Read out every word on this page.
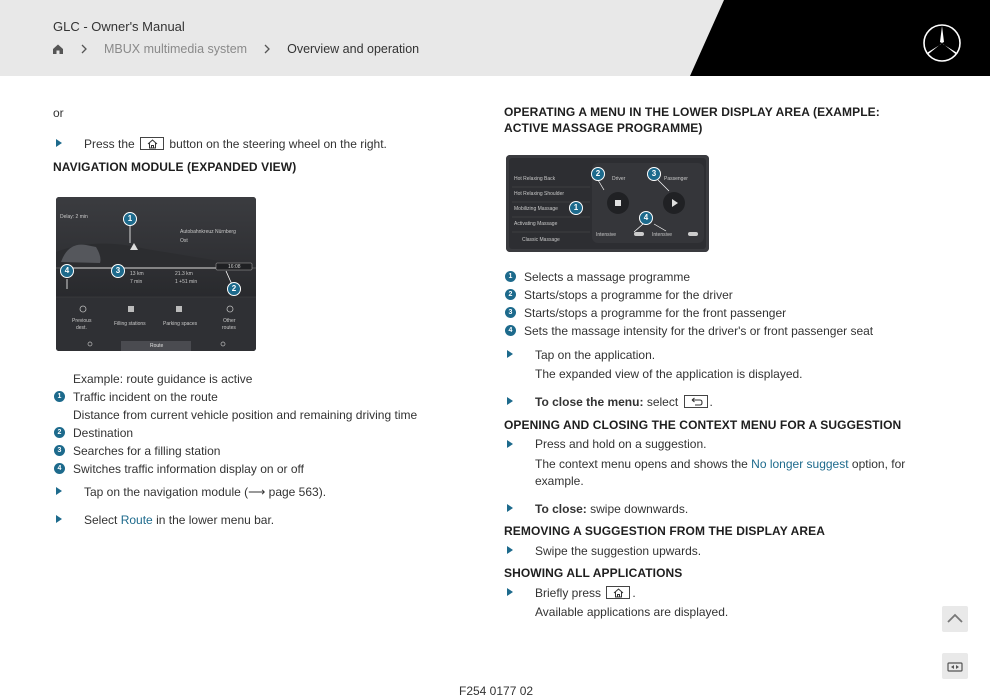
GLC - Owner's Manual
MBUX multimedia system	Overview and operation
or
Press the	button on the steering wheel on the right.
NAVIGATION MODULE (EXPANDED VIEW)
Delay: 2 min
Autobahnkreuz Nürnberg
Ost
13 km
7 min
21.3 km
1 +51 min
16:08
Previous
dest.
Filling stations	Parking spaces	Other
routes
Route
1
2
3
4
Example: route guidance is active
1 Traffic incident on the route
Distance from current vehicle position and remaining driving time
2 Destination
3 Searches for a filling station
4 Switches traffic information display on or off
Tap on the navigation module (⟶ page 563).
Select Route in the lower menu bar.
OPERATING A MENU IN THE LOWER DISPLAY AREA (EXAMPLE: ACTIVE MASSAGE PROGRAMME)
Hot Relaxing Back
Hot Relaxing Shoulder
Mobilizing Massage
Activating Massage
Classic Massage
Driver	Passenger
Intensive	Intensive
2	3
1
4
1 Selects a massage programme
2 Starts/stops a programme for the driver
3 Starts/stops a programme for the front passenger
4 Sets the massage intensity for the driver's or front passenger seat
Tap on the application.
The expanded view of the application is displayed.
To close the menu: select	.
OPENING AND CLOSING THE CONTEXT MENU FOR A SUGGESTION
Press and hold on a suggestion.
The context menu opens and shows the No longer suggest option, for example.
To close: swipe downwards.
REMOVING A SUGGESTION FROM THE DISPLAY AREA
Swipe the suggestion upwards.
SHOWING ALL APPLICATIONS
Briefly press	.
Available applications are displayed.
F254 0177 02
